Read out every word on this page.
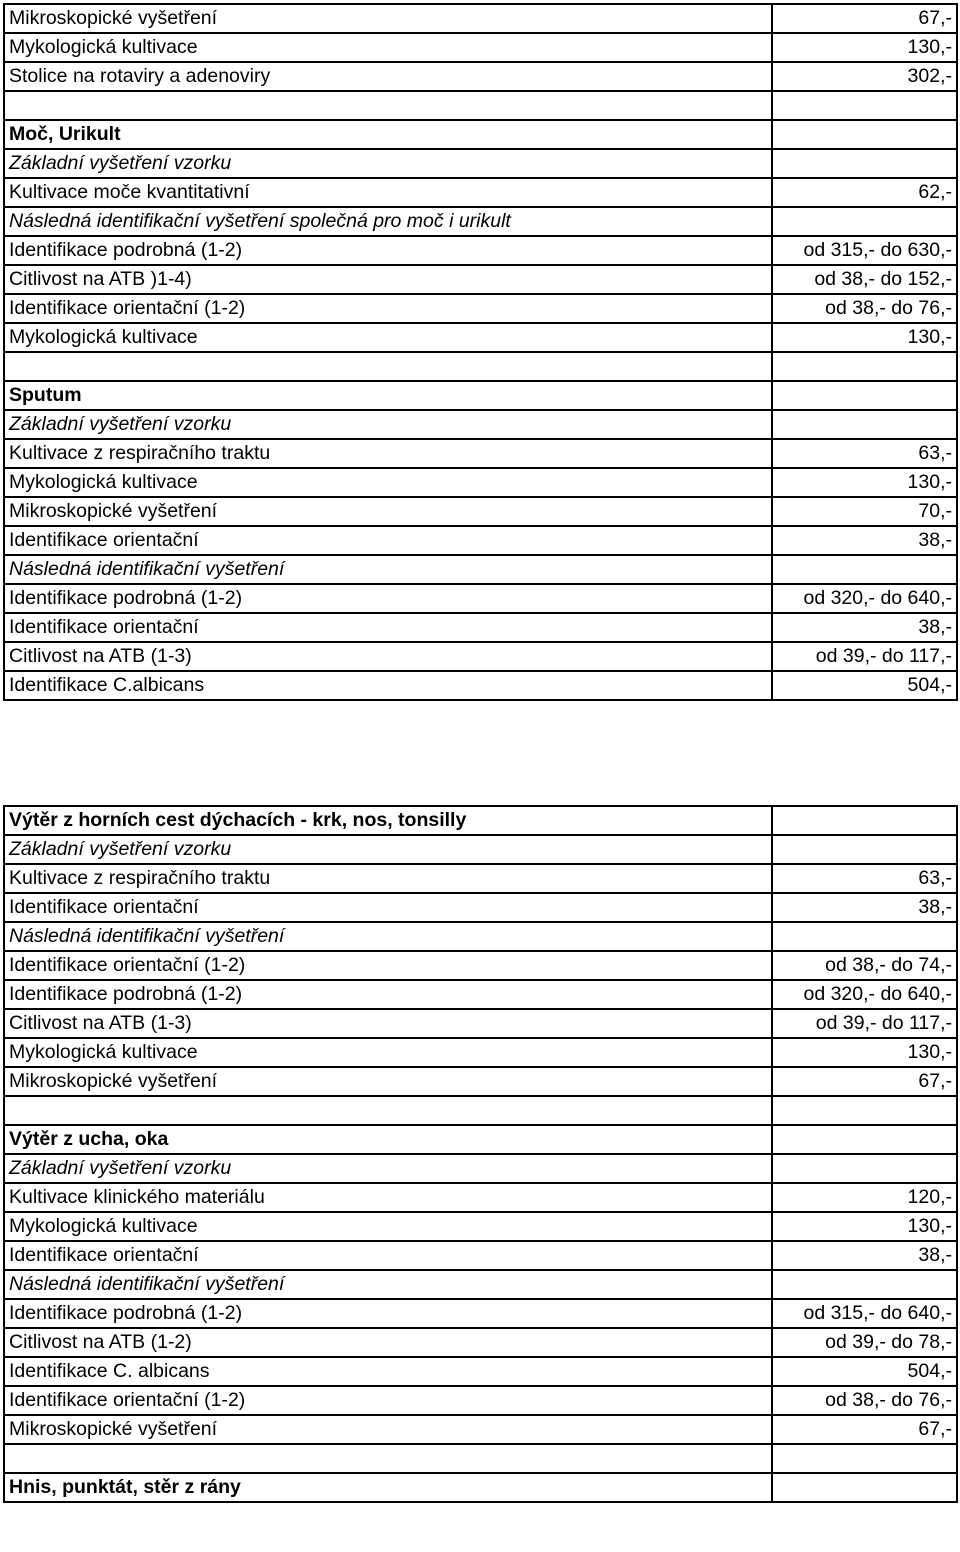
Mikroskopické vyšetření	67,-
Mykologická kultivace	130,-
Stolice na rotaviry a adenoviry	302,-

Moč, Urikult	
Základní vyšetření vzorku	
Kultivace moče kvantitativní	62,-
Následná identifikační vyšetření společná pro moč i urikult	
Identifikace podrobná (1-2)	od 315,- do 630,-
Citlivost na ATB )1-4)	od 38,- do 152,-
Identifikace orientační (1-2)	od 38,- do 76,-
Mykologická kultivace	130,-

Sputum	
Základní vyšetření vzorku	
Kultivace z respiračního traktu	63,-
Mykologická kultivace	130,-
Mikroskopické vyšetření	70,-
Identifikace orientační	38,-
Následná identifikační vyšetření	
Identifikace podrobná (1-2)	od 320,- do 640,-
Identifikace orientační	38,-
Citlivost na ATB (1-3)	od 39,- do 117,-
Identifikace C.albicans	504,-
Výtěr z horních cest dýchacích - krk, nos, tonsilly	
Základní vyšetření vzorku	
Kultivace z respiračního traktu	63,-
Identifikace orientační	38,-
Následná identifikační vyšetření	
Identifikace orientační (1-2)	od 38,- do 74,-
Identifikace podrobná (1-2)	od 320,- do 640,-
Citlivost na ATB (1-3)	od 39,- do 117,-
Mykologická kultivace	130,-
Mikroskopické vyšetření	67,-

Výtěr z ucha, oka	
Základní vyšetření vzorku	
Kultivace klinického materiálu	120,-
Mykologická kultivace	130,-
Identifikace orientační	38,-
Následná identifikační vyšetření	
Identifikace podrobná (1-2)	od 315,- do 640,-
Citlivost na ATB (1-2)	od 39,- do 78,-
Identifikace C. albicans	504,-
Identifikace orientační (1-2)	od 38,- do 76,-
Mikroskopické vyšetření	67,-

Hnis, punktát, stěr z rány	
